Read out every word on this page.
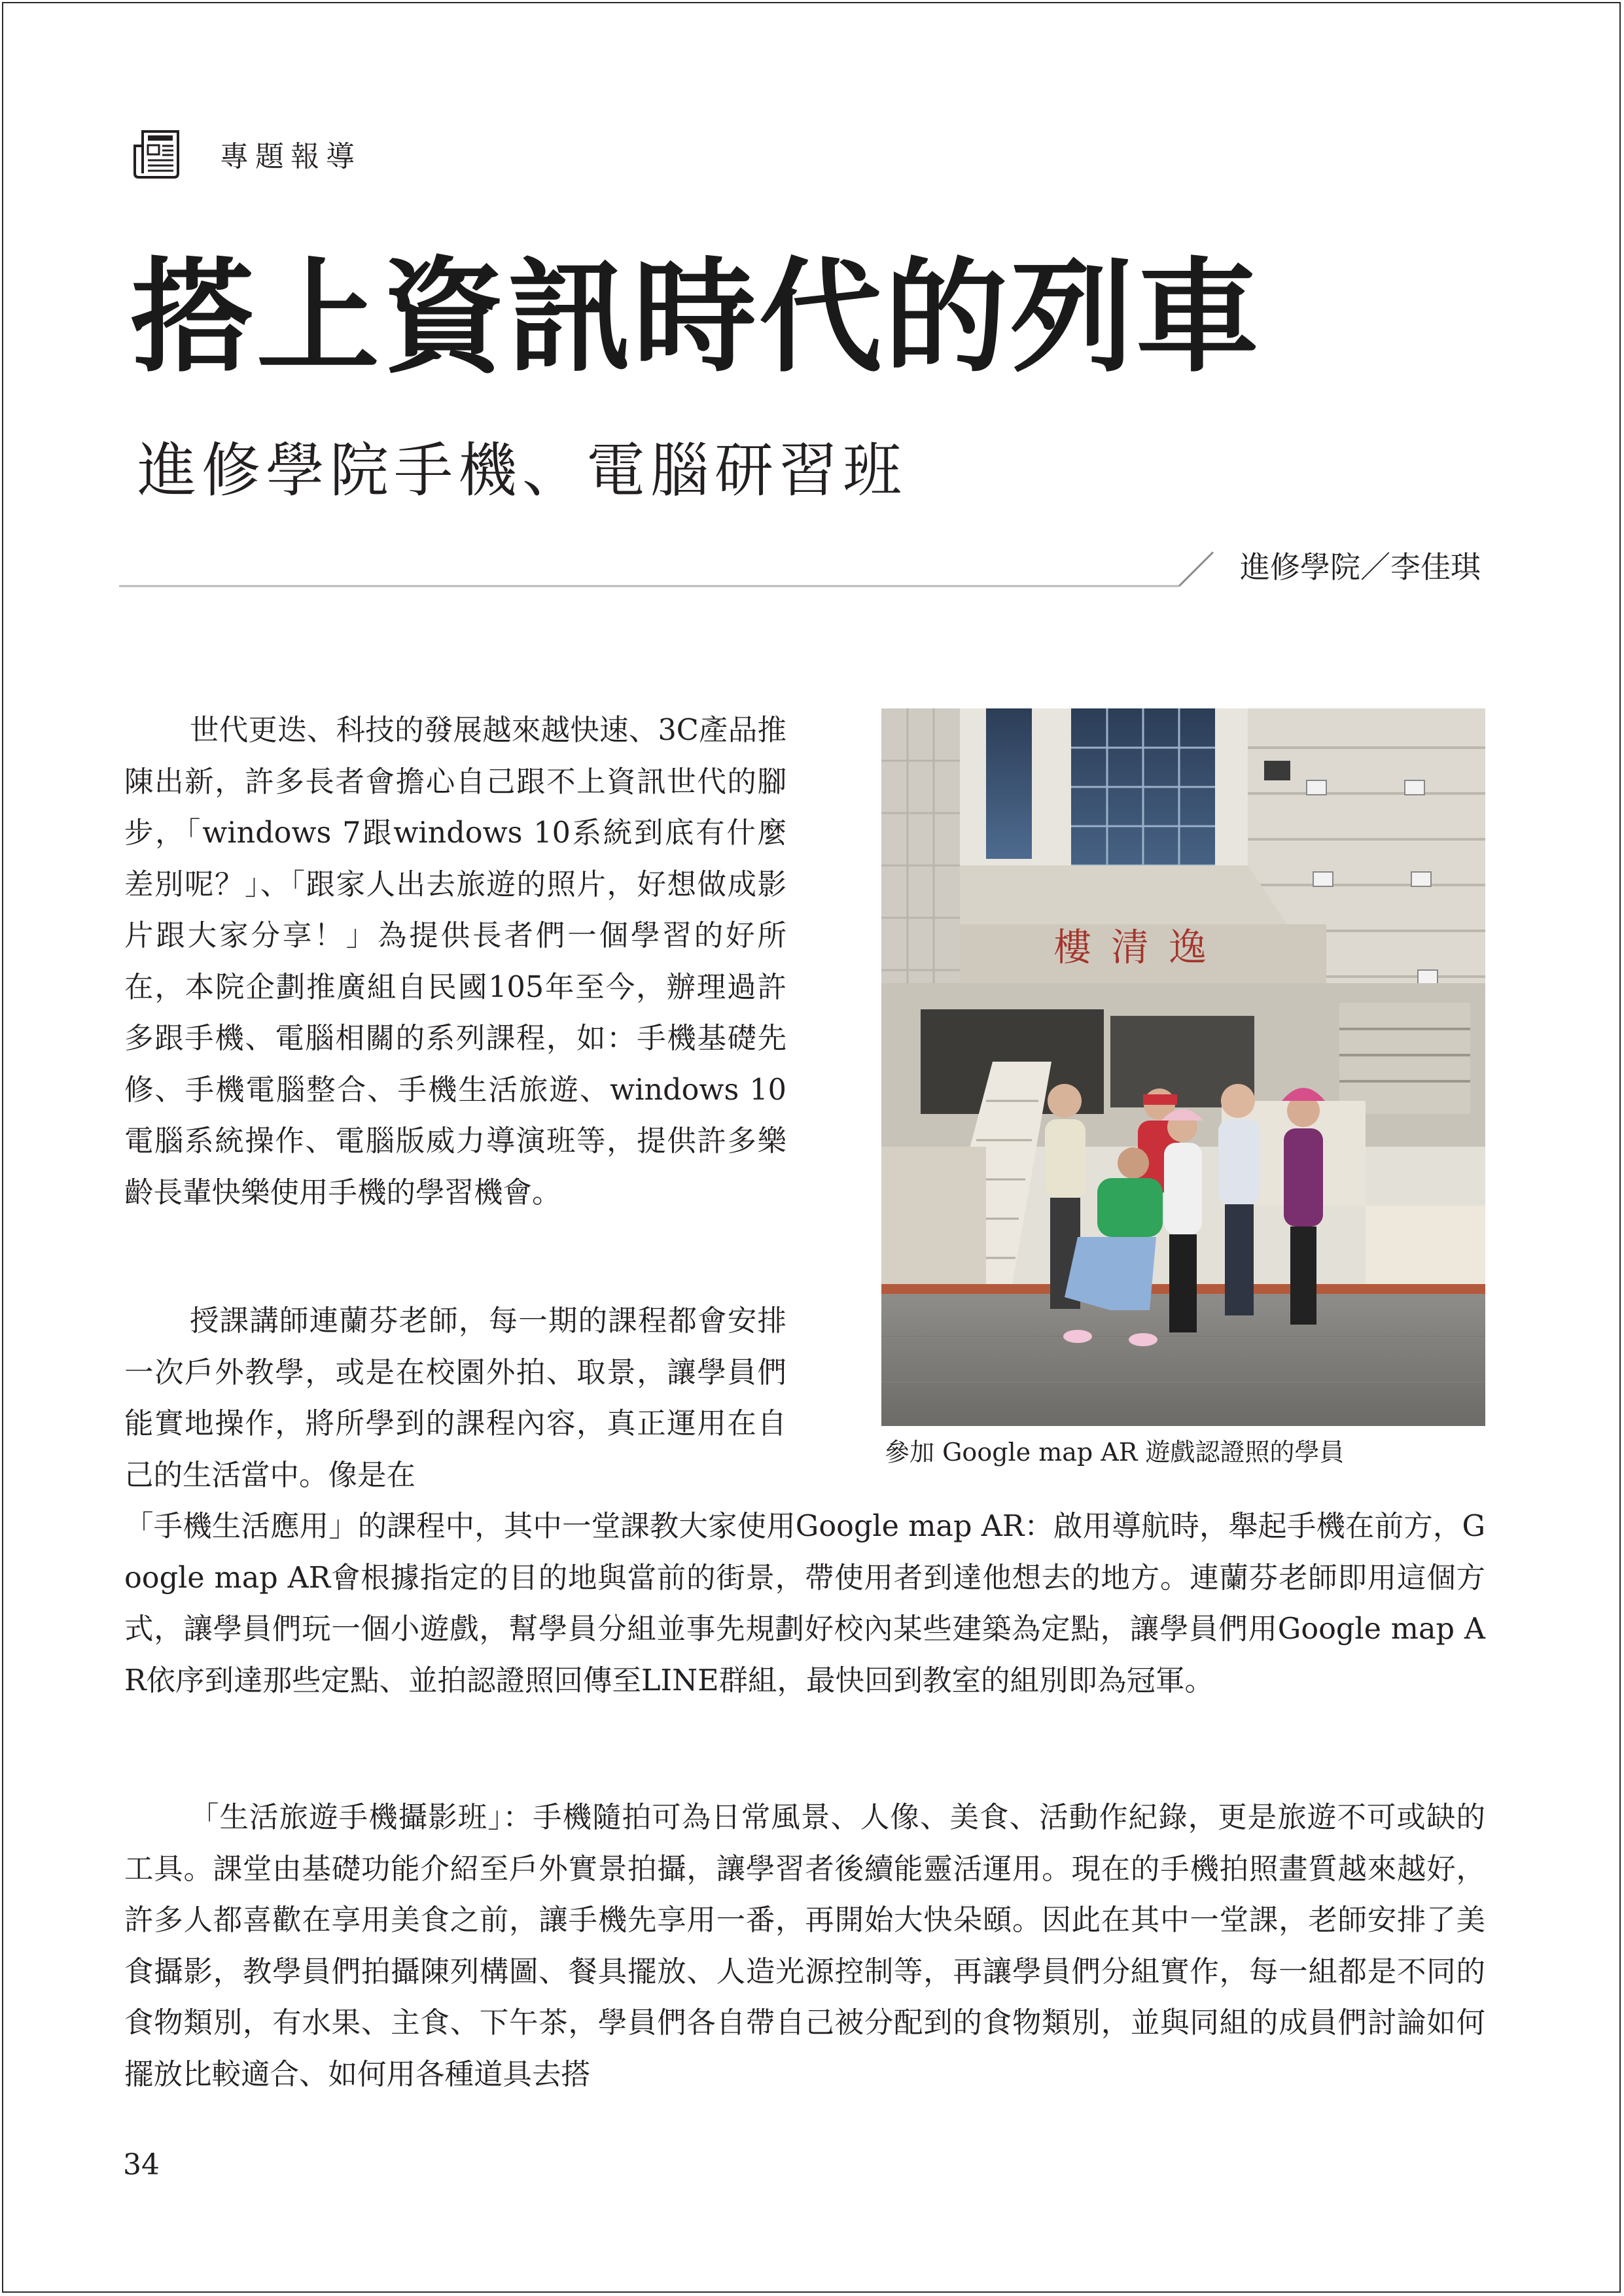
專題報導
搭上資訊時代的列車
進修學院手機、電腦研習班
進修學院／李佳琪

世代更迭、科技的發展越來越快速、3C產品推陳出新，許多長者會擔心自己跟不上資訊世代的腳步，「windows 7跟windows 10系統到底有什麼差別呢？」、「跟家人出去旅遊的照片，好想做成影片跟大家分享！」為提供長者們一個學習的好所在，本院企劃推廣組自民國105年至今，辦理過許多跟手機、電腦相關的系列課程，如：手機基礎先修、手機電腦整合、手機生活旅遊、windows 10電腦系統操作、電腦版威力導演班等，提供許多樂齡長輩快樂使用手機的學習機會。

授課講師連蘭芬老師，每一期的課程都會安排一次戶外教學，或是在校園外拍、取景，讓學員們能實地操作，將所學到的課程內容，真正運用在自己的生活當中。像是在

「手機生活應用」的課程中，其中一堂課教大家使用Google map AR：啟用導航時，舉起手機在前方，Google map AR會根據指定的目的地與當前的街景，帶使用者到達他想去的地方。連蘭芬老師即用這個方式，讓學員們玩一個小遊戲，幫學員分組並事先規劃好校內某些建築為定點，讓學員們用Google map AR依序到達那些定點、並拍認證照回傳至LINE群組，最快回到教室的組別即為冠軍。

「生活旅遊手機攝影班」：手機隨拍可為日常風景、人像、美食、活動作紀錄，更是旅遊不可或缺的工具。課堂由基礎功能介紹至戶外實景拍攝，讓學習者後續能靈活運用。現在的手機拍照畫質越來越好，許多人都喜歡在享用美食之前，讓手機先享用一番，再開始大快朵頤。因此在其中一堂課，老師安排了美食攝影，教學員們拍攝陳列構圖、餐具擺放、人造光源控制等，再讓學員們分組實作，每一組都是不同的食物類別，有水果、主食、下午茶，學員們各自帶自己被分配到的食物類別，並與同組的成員們討論如何擺放比較適合、如何用各種道具去搭

樓清逸
參加 Google map AR 遊戲認證照的學員
34
